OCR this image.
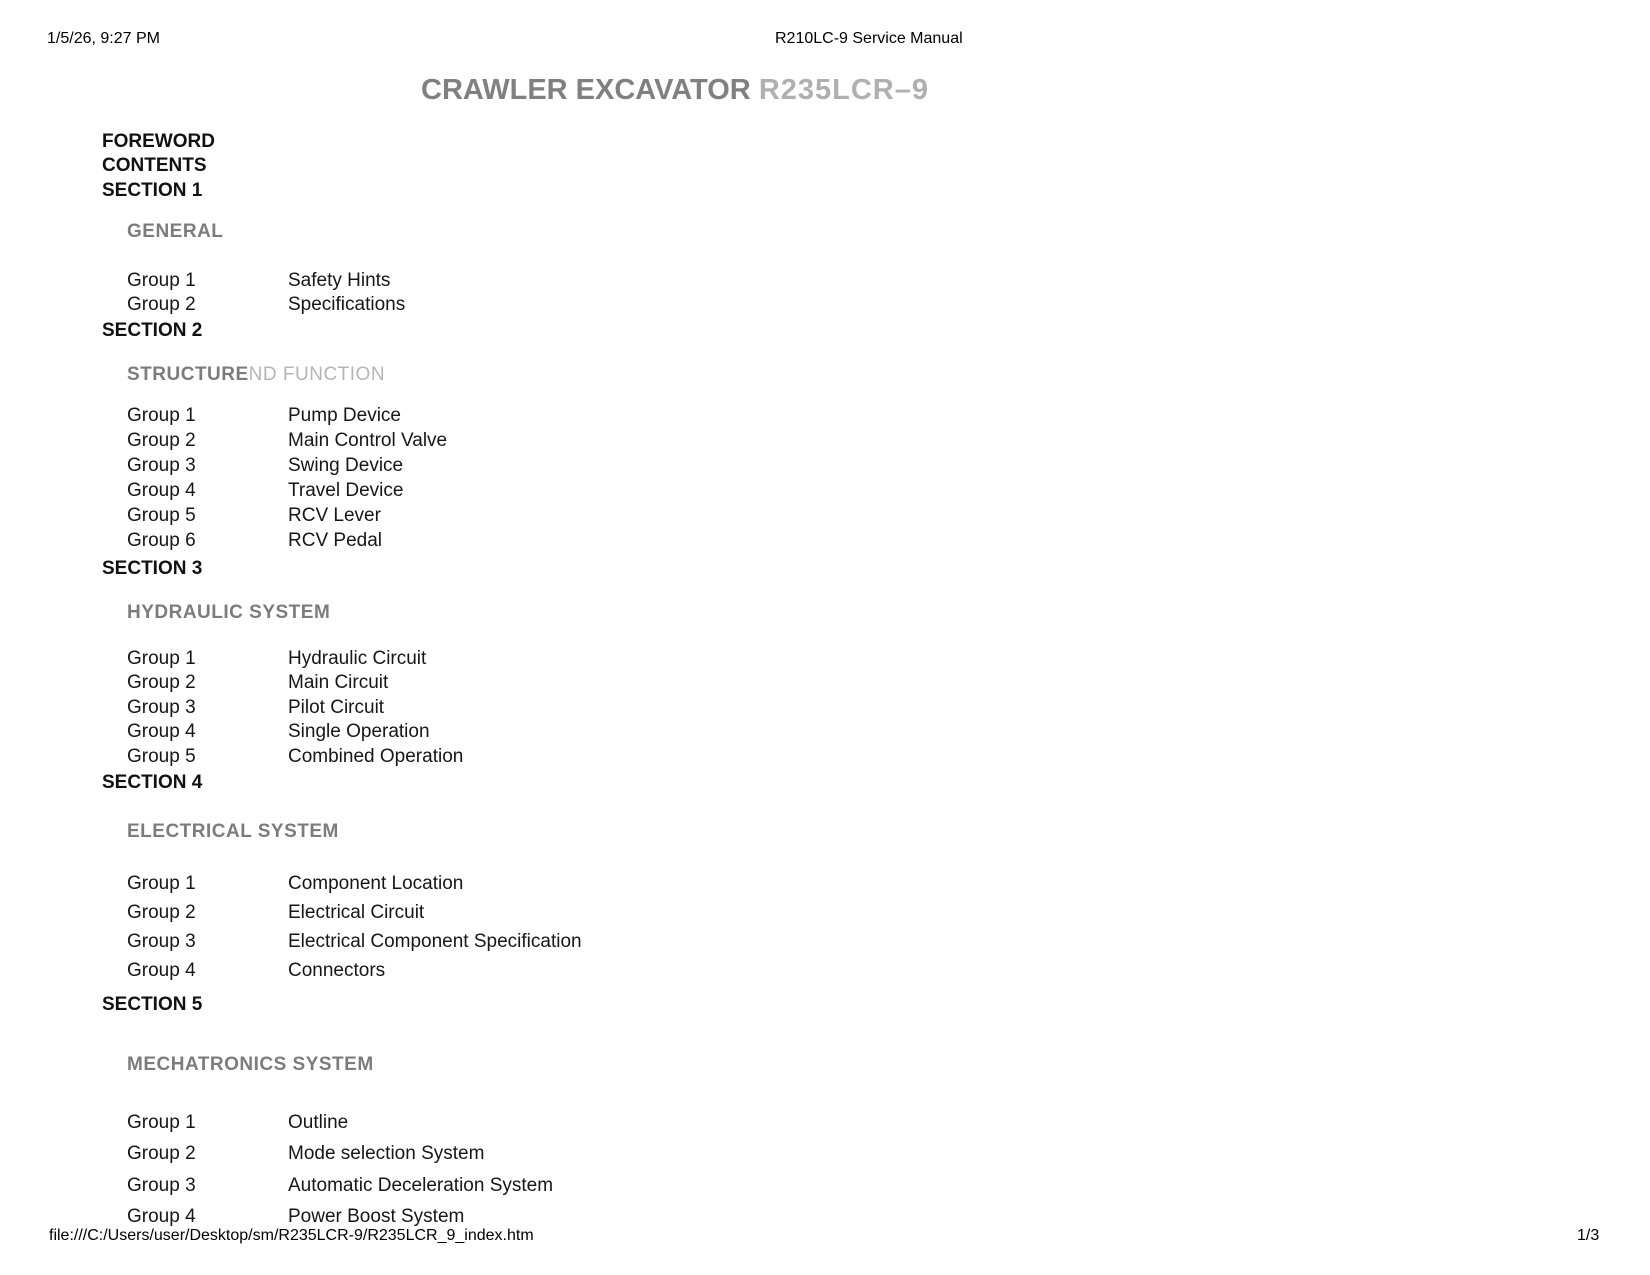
1/5/26, 9:27 PM	R210LC-9 Service Manual
CRAWLER EXCAVATOR R235LCR–9
FOREWORD
CONTENTS
SECTION 1
GENERAL
Group 1	Safety Hints
Group 2	Specifications
SECTION 2
STRUCTUREND FUNCTION
Group 1	Pump Device
Group 2	Main Control Valve
Group 3	Swing Device
Group 4	Travel Device
Group 5	RCV Lever
Group 6	RCV Pedal
SECTION 3
HYDRAULIC SYSTEM
Group 1	Hydraulic Circuit
Group 2	Main Circuit
Group 3	Pilot Circuit
Group 4	Single Operation
Group 5	Combined Operation
SECTION 4
ELECTRICAL SYSTEM
Group 1	Component Location
Group 2	Electrical Circuit
Group 3	Electrical Component Specification
Group 4	Connectors
SECTION 5
MECHATRONICS SYSTEM
Group 1	Outline
Group 2	Mode selection System
Group 3	Automatic Deceleration System
Group 4	Power Boost System
file:///C:/Users/user/Desktop/sm/R235LCR-9/R235LCR_9_index.htm	1/3
